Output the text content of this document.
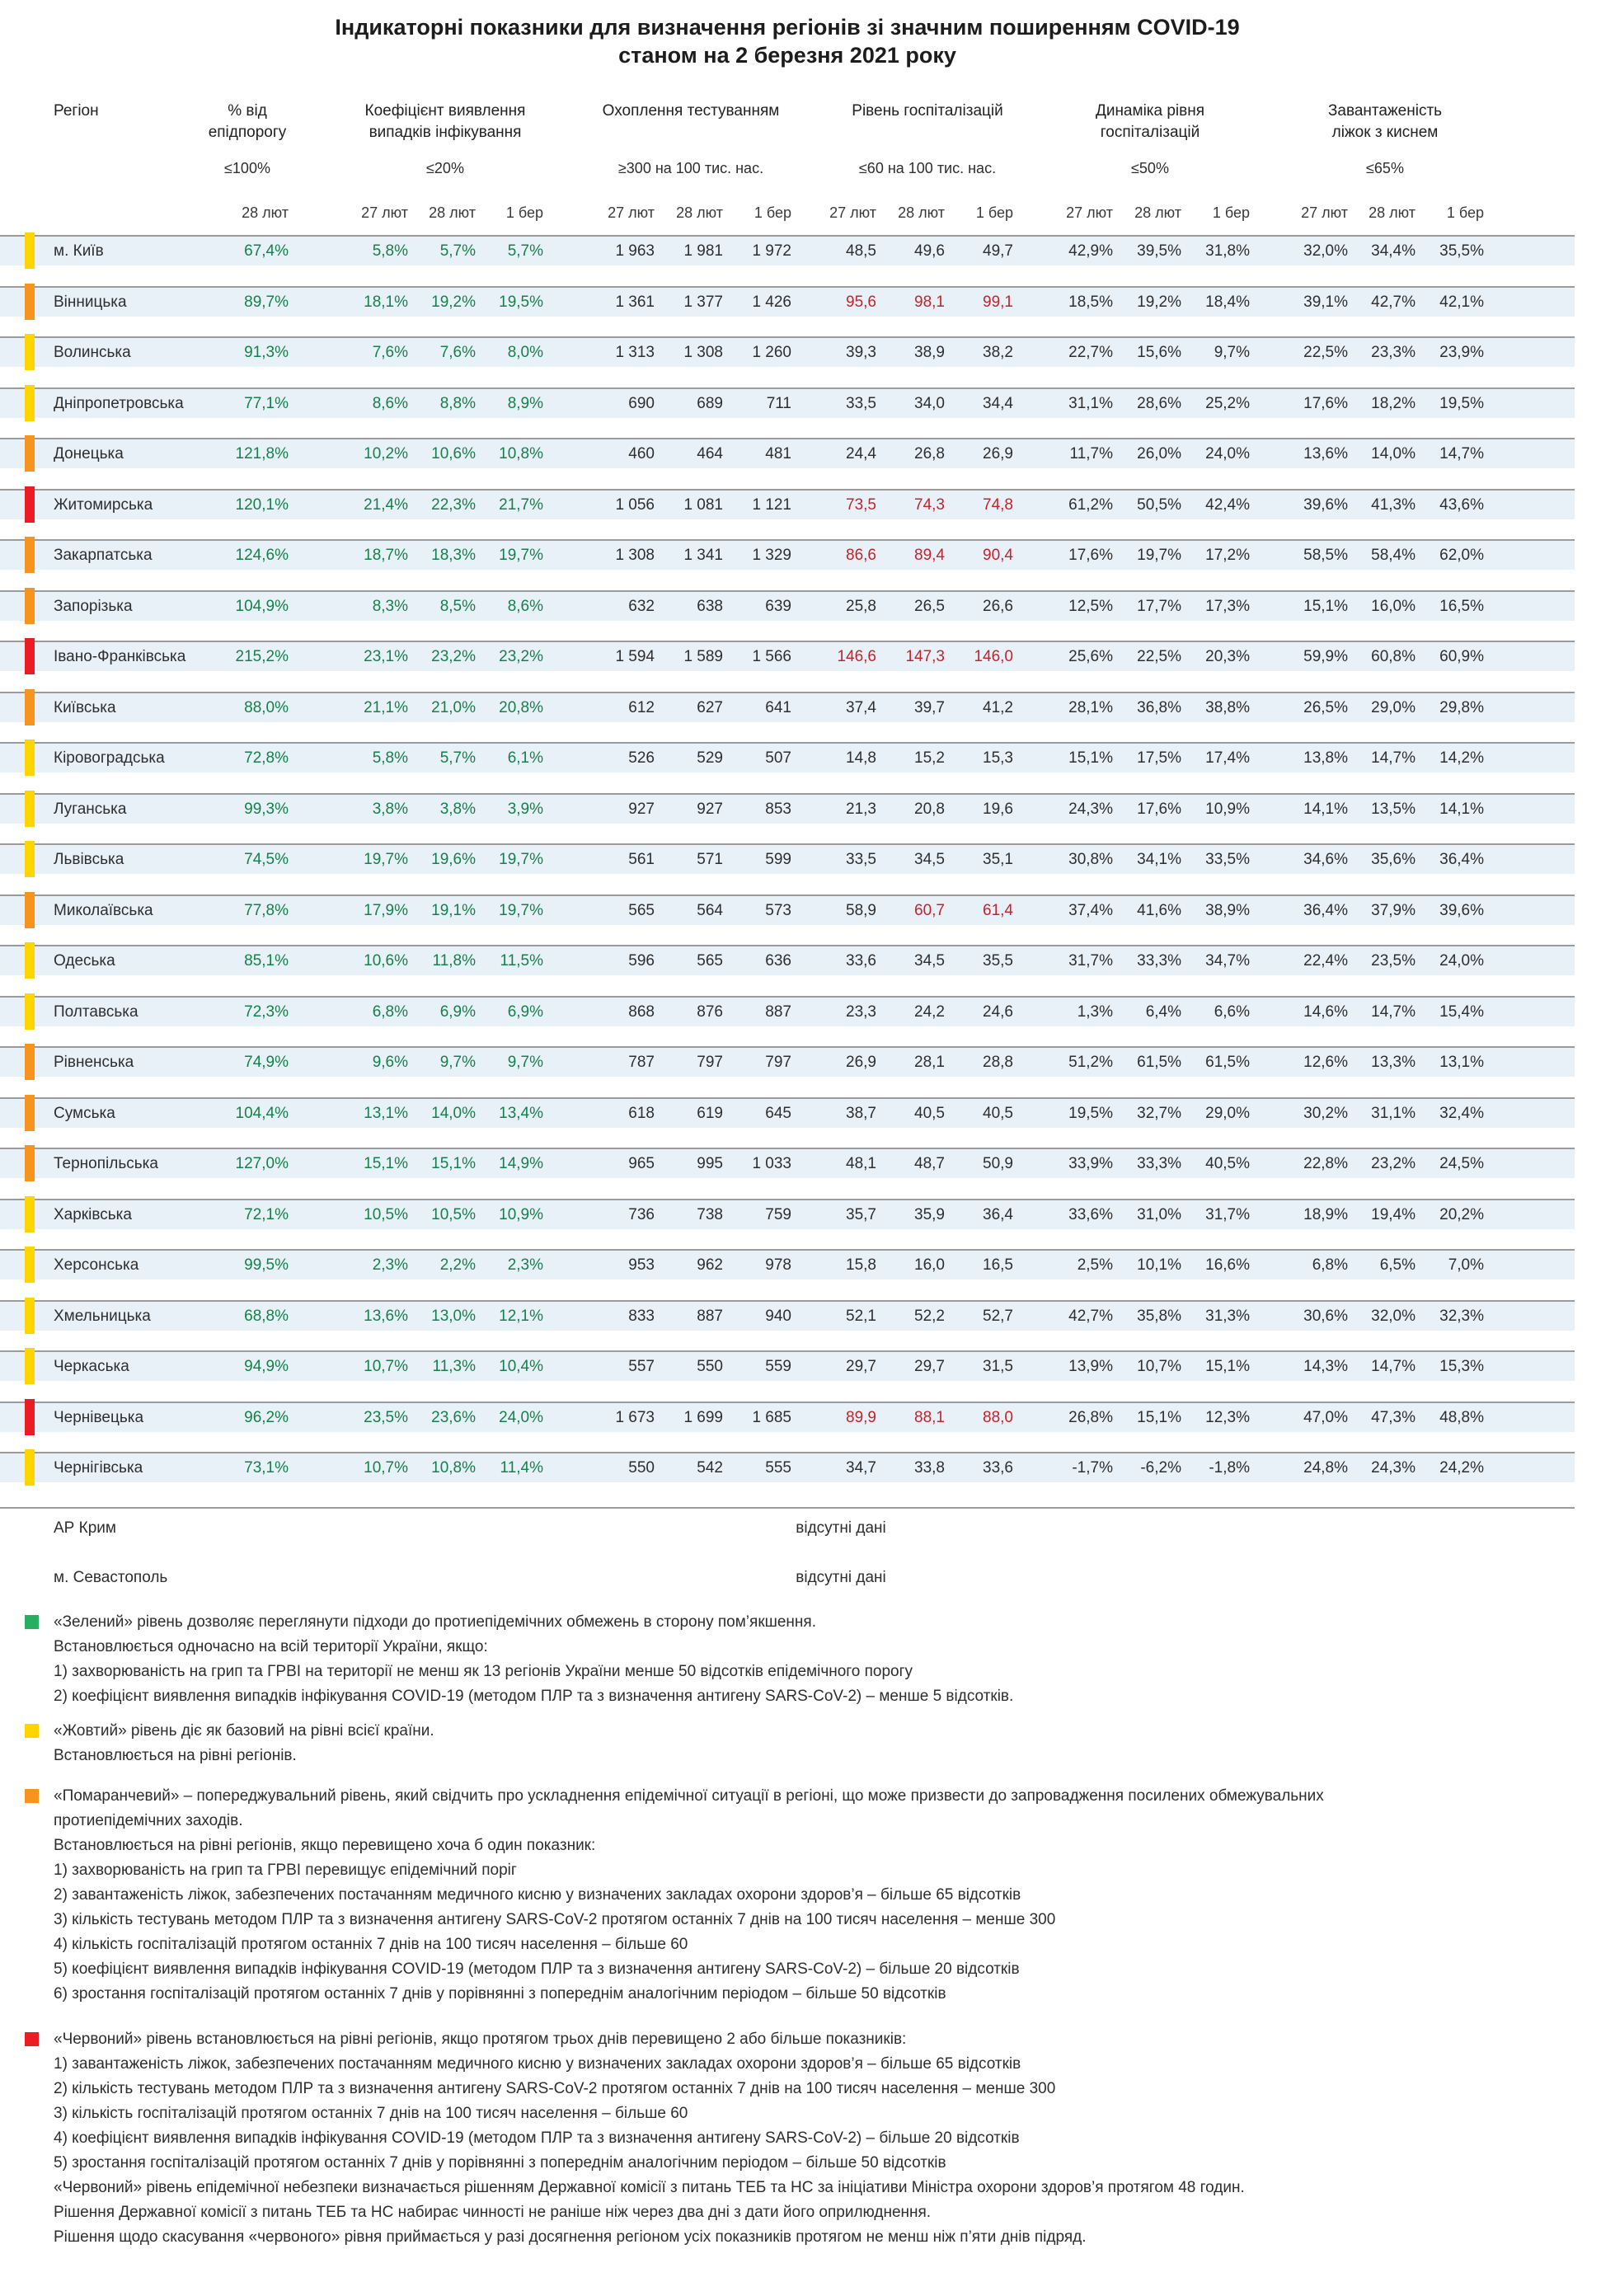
Індикаторні показники для визначення регіонів зі значним поширенням COVID-19
станом на 2 березня 2021 року
Регіон	% від
епідпорогу
≤100%
28 лют
Коефіцієнт виявлення
випадків інфікування
≤20%
27 лют	28 лют	1 бер
Охоплення тестуванням
≥300 на 100 тис. нас.
27 лют	28 лют	1 бер
Рівень госпіталізацій
≤60 на 100 тис. нас.
27 лют	28 лют	1 бер
Динаміка рівня
госпіталізацій
≤50%
27 лют	28 лют	1 бер
Завантаженість
ліжок з киснем
≤65%
27 лют	28 лют	1 бер
м. Київ	67,4%	5,8%	5,7%	5,7%	1 963	1 981	1 972	48,5	49,6	49,7	42,9%	39,5%	31,8%	32,0%	34,4%	35,5%
Вінницька	89,7%	18,1%	19,2%	19,5%	1 361	1 377	1 426	95,6	98,1	99,1	18,5%	19,2%	18,4%	39,1%	42,7%	42,1%
Волинська	91,3%	7,6%	7,6%	8,0%	1 313	1 308	1 260	39,3	38,9	38,2	22,7%	15,6%	9,7%	22,5%	23,3%	23,9%
Дніпропетровська	77,1%	8,6%	8,8%	8,9%	690	689	711	33,5	34,0	34,4	31,1%	28,6%	25,2%	17,6%	18,2%	19,5%
Донецька	121,8%	10,2%	10,6%	10,8%	460	464	481	24,4	26,8	26,9	11,7%	26,0%	24,0%	13,6%	14,0%	14,7%
Житомирська	120,1%	21,4%	22,3%	21,7%	1 056	1 081	1 121	73,5	74,3	74,8	61,2%	50,5%	42,4%	39,6%	41,3%	43,6%
Закарпатська	124,6%	18,7%	18,3%	19,7%	1 308	1 341	1 329	86,6	89,4	90,4	17,6%	19,7%	17,2%	58,5%	58,4%	62,0%
Запорізька	104,9%	8,3%	8,5%	8,6%	632	638	639	25,8	26,5	26,6	12,5%	17,7%	17,3%	15,1%	16,0%	16,5%
Івано-Франківська	215,2%	23,1%	23,2%	23,2%	1 594	1 589	1 566	146,6	147,3	146,0	25,6%	22,5%	20,3%	59,9%	60,8%	60,9%
Київська	88,0%	21,1%	21,0%	20,8%	612	627	641	37,4	39,7	41,2	28,1%	36,8%	38,8%	26,5%	29,0%	29,8%
Кіровоградська	72,8%	5,8%	5,7%	6,1%	526	529	507	14,8	15,2	15,3	15,1%	17,5%	17,4%	13,8%	14,7%	14,2%
Луганська	99,3%	3,8%	3,8%	3,9%	927	927	853	21,3	20,8	19,6	24,3%	17,6%	10,9%	14,1%	13,5%	14,1%
Львівська	74,5%	19,7%	19,6%	19,7%	561	571	599	33,5	34,5	35,1	30,8%	34,1%	33,5%	34,6%	35,6%	36,4%
Миколаївська	77,8%	17,9%	19,1%	19,7%	565	564	573	58,9	60,7	61,4	37,4%	41,6%	38,9%	36,4%	37,9%	39,6%
Одеська	85,1%	10,6%	11,8%	11,5%	596	565	636	33,6	34,5	35,5	31,7%	33,3%	34,7%	22,4%	23,5%	24,0%
Полтавська	72,3%	6,8%	6,9%	6,9%	868	876	887	23,3	24,2	24,6	1,3%	6,4%	6,6%	14,6%	14,7%	15,4%
Рівненська	74,9%	9,6%	9,7%	9,7%	787	797	797	26,9	28,1	28,8	51,2%	61,5%	61,5%	12,6%	13,3%	13,1%
Сумська	104,4%	13,1%	14,0%	13,4%	618	619	645	38,7	40,5	40,5	19,5%	32,7%	29,0%	30,2%	31,1%	32,4%
Тернопільська	127,0%	15,1%	15,1%	14,9%	965	995	1 033	48,1	48,7	50,9	33,9%	33,3%	40,5%	22,8%	23,2%	24,5%
Харківська	72,1%	10,5%	10,5%	10,9%	736	738	759	35,7	35,9	36,4	33,6%	31,0%	31,7%	18,9%	19,4%	20,2%
Херсонська	99,5%	2,3%	2,2%	2,3%	953	962	978	15,8	16,0	16,5	2,5%	10,1%	16,6%	6,8%	6,5%	7,0%
Хмельницька	68,8%	13,6%	13,0%	12,1%	833	887	940	52,1	52,2	52,7	42,7%	35,8%	31,3%	30,6%	32,0%	32,3%
Черкаська	94,9%	10,7%	11,3%	10,4%	557	550	559	29,7	29,7	31,5	13,9%	10,7%	15,1%	14,3%	14,7%	15,3%
Чернівецька	96,2%	23,5%	23,6%	24,0%	1 673	1 699	1 685	89,9	88,1	88,0	26,8%	15,1%	12,3%	47,0%	47,3%	48,8%
Чернігівська	73,1%	10,7%	10,8%	11,4%	550	542	555	34,7	33,8	33,6	-1,7%	-6,2%	-1,8%	24,8%	24,3%	24,2%
АР Крим	відсутні дані
м. Севастополь	відсутні дані
«Зелений» рівень дозволяє переглянути підходи до протиепідемічних обмежень в сторону пом’якшення.
Встановлюється одночасно на всій території України, якщо:
1) захворюваність на грип та ГРВІ на території не менш як 13 регіонів України менше 50 відсотків епідемічного порогу
2) коефіцієнт виявлення випадків інфікування COVID-19 (методом ПЛР та з визначення антигену SARS-CoV-2) – менше 5 відсотків.
«Жовтий» рівень діє як базовий на рівні всієї країни.
Встановлюється на рівні регіонів.
«Помаранчевий» – попереджувальний рівень, який свідчить про ускладнення епідемічної ситуації в регіоні, що може призвести до запровадження посилених обмежувальних
протиепідемічних заходів.
Встановлюється на рівні регіонів, якщо перевищено хоча б один показник:
1) захворюваність на грип та ГРВІ перевищує епідемічний поріг
2) завантаженість ліжок, забезпечених постачанням медичного кисню у визначених закладах охорони здоров’я – більше 65 відсотків
3) кількість тестувань методом ПЛР та з визначення антигену SARS-CoV-2 протягом останніх 7 днів на 100 тисяч населення – менше 300
4) кількість госпіталізацій протягом останніх 7 днів на 100 тисяч населення – більше 60
5) коефіцієнт виявлення випадків інфікування COVID-19 (методом ПЛР та з визначення антигену SARS-CoV-2) – більше 20 відсотків
6) зростання госпіталізацій протягом останніх 7 днів у порівнянні з попереднім аналогічним періодом – більше 50 відсотків
«Червоний» рівень встановлюється на рівні регіонів, якщо протягом трьох днів перевищено 2 або більше показників:
1) завантаженість ліжок, забезпечених постачанням медичного кисню у визначених закладах охорони здоров’я – більше 65 відсотків
2) кількість тестувань методом ПЛР та з визначення антигену SARS-CoV-2 протягом останніх 7 днів на 100 тисяч населення – менше 300
3) кількість госпіталізацій протягом останніх 7 днів на 100 тисяч населення – більше 60
4) коефіцієнт виявлення випадків інфікування COVID-19 (методом ПЛР та з визначення антигену SARS-CoV-2) – більше 20 відсотків
5) зростання госпіталізацій протягом останніх 7 днів у порівнянні з попереднім аналогічним періодом – більше 50 відсотків
«Червоний» рівень епідемічної небезпеки визначається рішенням Державної комісії з питань ТЕБ та НС за ініціативи Міністра охорони здоров’я протягом 48 годин.
Рішення Державної комісії з питань ТЕБ та НС набирає чинності не раніше ніж через два дні з дати його оприлюднення.
Рішення щодо скасування «червоного» рівня приймається у разі досягнення регіоном усіх показників протягом не менш ніж п’яти днів підряд.
